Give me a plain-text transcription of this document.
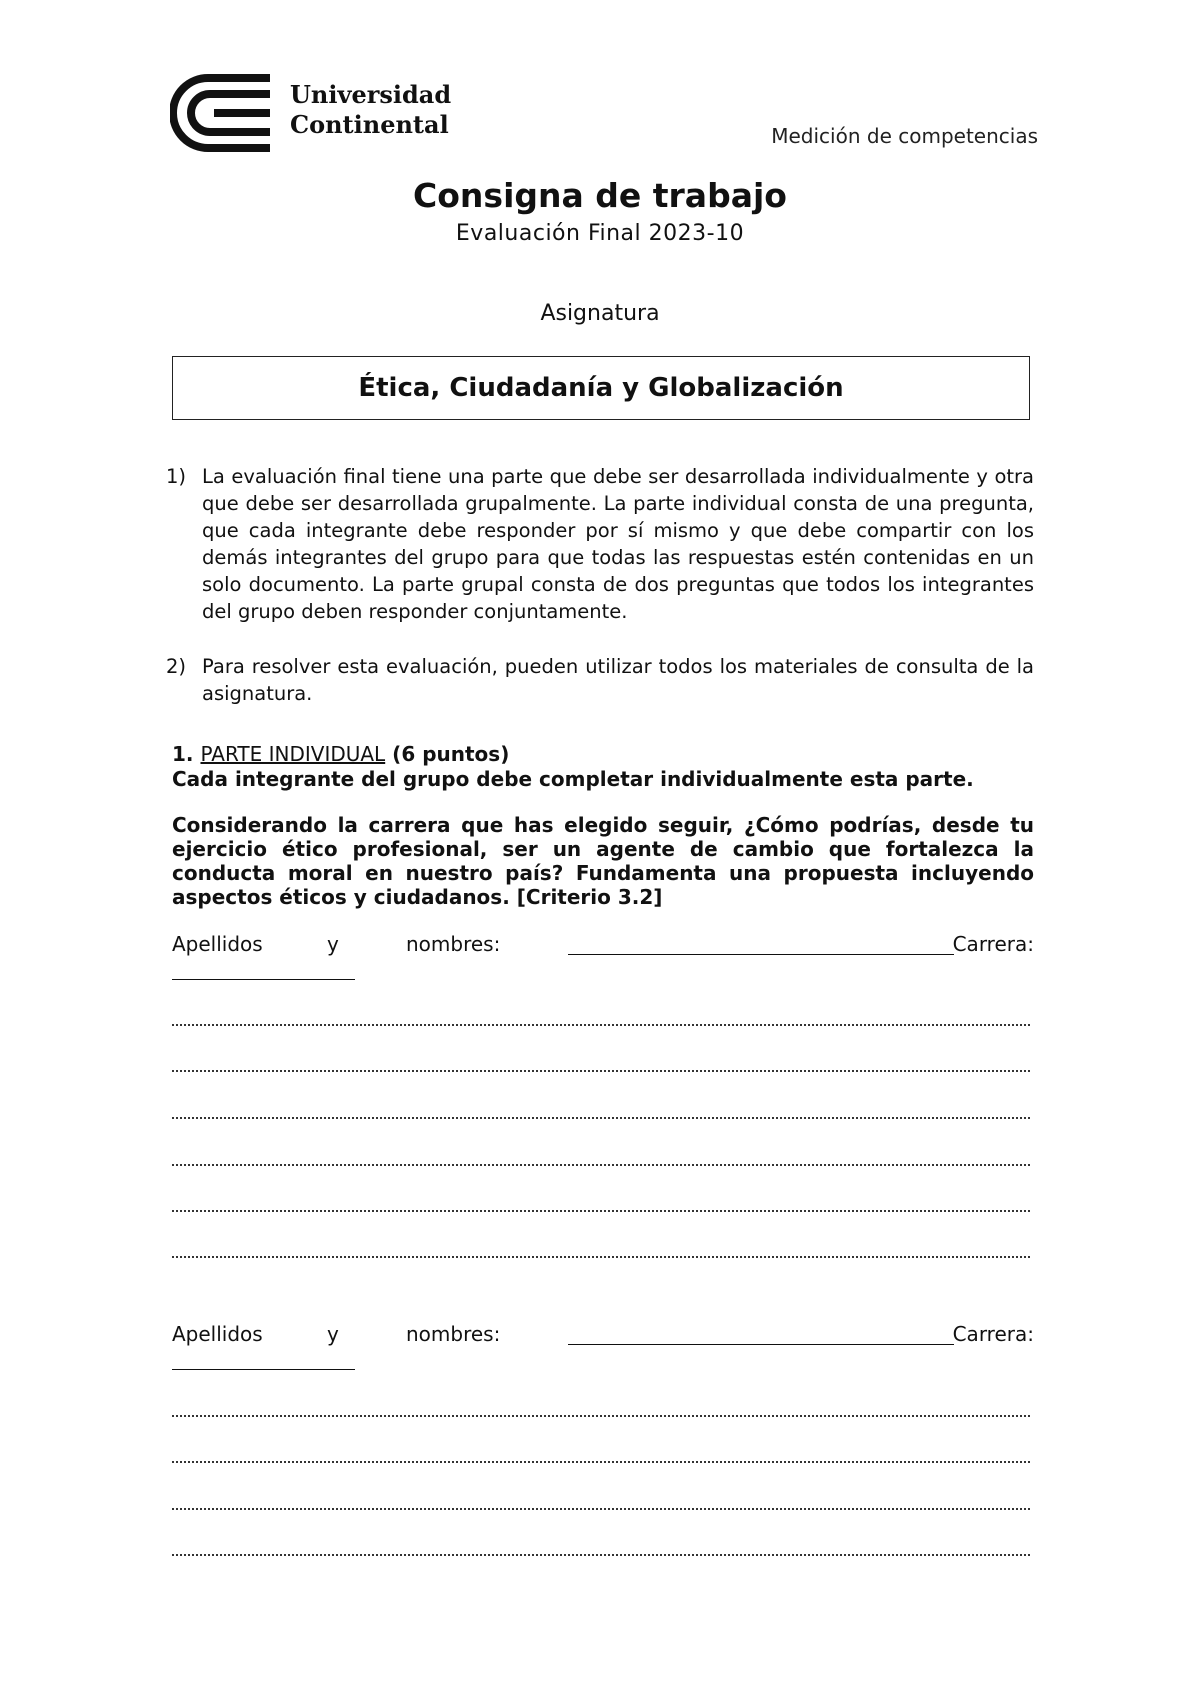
Universidad
Continental	Medición de competencias
Consigna de trabajo
Evaluación Final 2023-10
Asignatura
Ética, Ciudadanía y Globalización
1) La evaluación final tiene una parte que debe ser desarrollada individualmente y otra que debe ser desarrollada grupalmente. La parte individual consta de una pregunta, que cada integrante debe responder por sí mismo y que debe compartir con los demás integrantes del grupo para que todas las respuestas estén contenidas en un solo documento. La parte grupal consta de dos preguntas que todos los integrantes del grupo deben responder conjuntamente.
2) Para resolver esta evaluación, pueden utilizar todos los materiales de consulta de la asignatura.
1. PARTE INDIVIDUAL (6 puntos)
Cada integrante del grupo debe completar individualmente esta parte.
Considerando la carrera que has elegido seguir, ¿Cómo podrías, desde tu ejercicio ético profesional, ser un agente de cambio que fortalezca la conducta moral en nuestro país? Fundamenta una propuesta incluyendo aspectos éticos y ciudadanos. [Criterio 3.2]
Apellidos	y	nombres:	Carrera:
Apellidos	y	nombres:	Carrera:
